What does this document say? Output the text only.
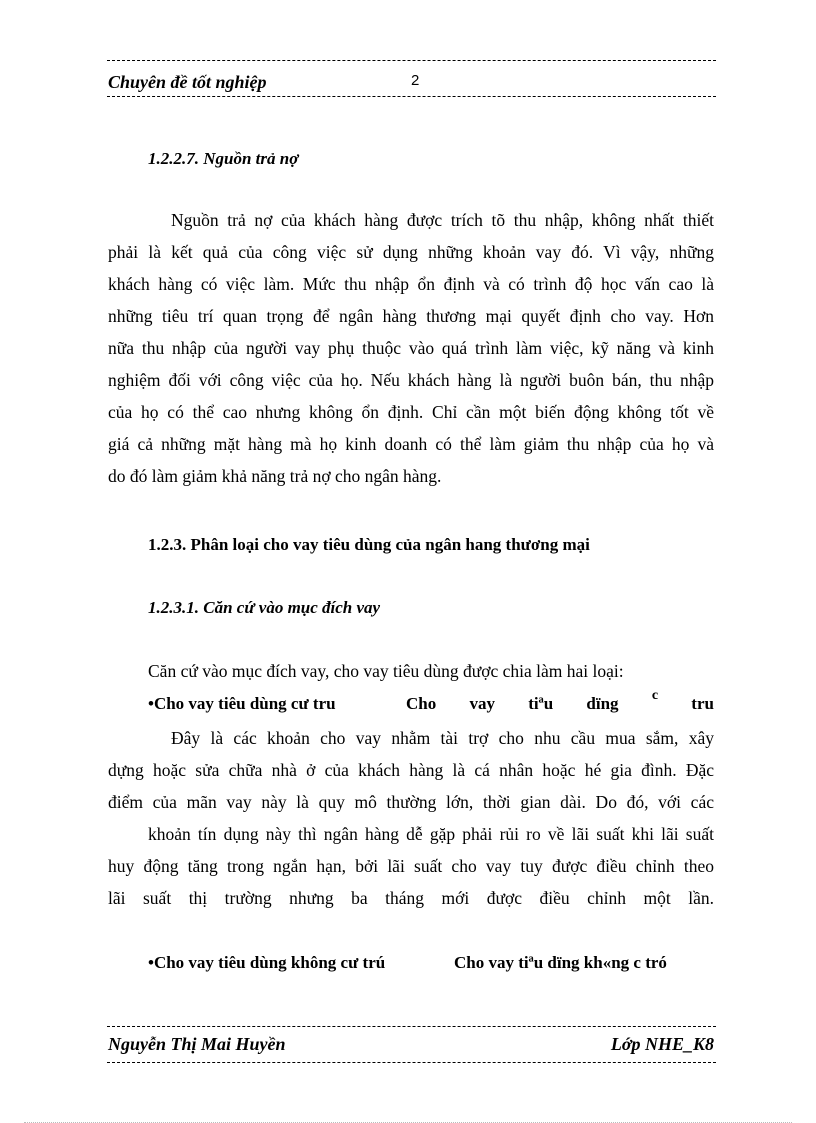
Chuyên đề tốt nghiệp	2
1.2.2.7. Nguồn trả nợ
Nguồn trả nợ của khách hàng được trích tõ thu nhập, không nhất thiết
phải là kết quả của công việc sử dụng những khoản vay đó. Vì vậy, những
khách hàng có việc làm. Mức thu nhập ổn định và có trình độ học vấn cao là
những tiêu trí quan trọng để ngân hàng thương mại quyết định cho vay. Hơn
nữa thu nhập của người vay phụ thuộc vào quá trình làm việc, kỹ năng và kinh
nghiệm đối với công việc của họ. Nếu khách hàng là người buôn bán, thu nhập
của họ có thể cao nhưng không ổn định. Chỉ cần một biến động không tốt về
giá cả những mặt hàng mà họ kinh doanh có thể làm giảm thu nhập của họ và
do đó làm giảm khả năng trả nợ cho ngân hàng.
1.2.3. Phân loại cho vay tiêu dùng của ngân hang thương mại
1.2.3.1. Căn cứ vào mục đích vay
Căn cứ vào mục đích vay, cho vay tiêu dùng được chia làm hai loại:
•Cho vay tiêu dùng cư tru	Cho vay tiªu dïng c tru
Đây là các khoản cho vay nhằm tài trợ cho nhu cầu mua sắm, xây
dựng hoặc sửa chữa nhà ở của khách hàng là cá nhân hoặc hé gia đình. Đặc
điểm của mãn vay này là quy mô thường lớn, thời gian dài. Do đó, với các
khoản tín dụng này thì ngân hàng dễ gặp phải rủi ro về lãi suất khi lãi suất
huy động tăng trong ngắn hạn, bởi lãi suất cho vay tuy được điều chỉnh theo
lãi suất thị trường nhưng ba tháng mới được điều chỉnh một lần.
•Cho vay tiêu dùng không cư trú	Cho vay tiªu dïng kh«ng c tró
Nguyễn Thị Mai Huyền	Lớp NHE_K8
